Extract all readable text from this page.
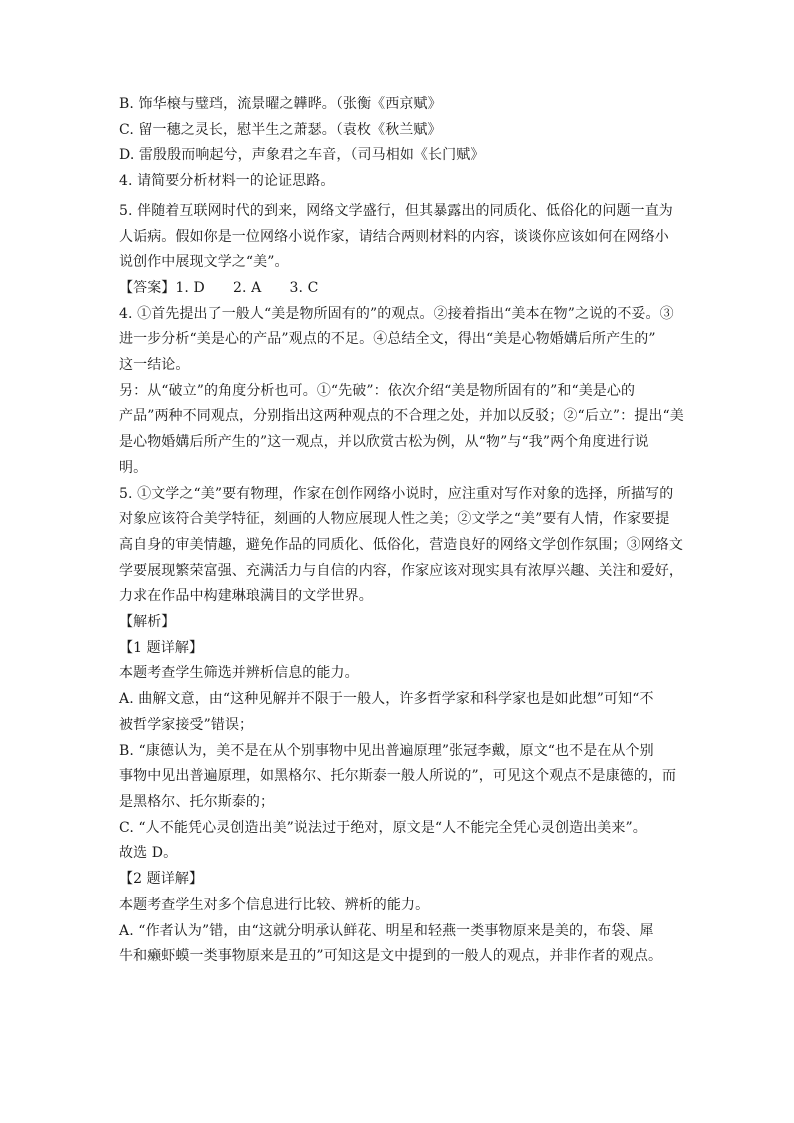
B. 饰华榱与璧珰，流景曜之韡晔。（张衡《西京赋》
C. 留一穗之灵长，慰半生之萧瑟。（袁枚《秋兰赋》
D. 雷殷殷而响起兮，声象君之车音，（司马相如《长门赋》
4. 请简要分析材料一的论证思路。
5. 伴随着互联网时代的到来，网络文学盛行，但其暴露出的同质化、低俗化的问题一直为
人诟病。假如你是一位网络小说作家，请结合两则材料的内容，谈谈你应该如何在网络小
说创作中展现文学之“美”。
【答案】1. D　　2. A　　3. C
4. ①首先提出了一般人“美是物所固有的”的观点。②接着指出“美本在物”之说的不妥。③
进一步分析“美是心的产品”观点的不足。④总结全文，得出“美是心物婚媾后所产生的”
这一结论。
另：从“破立”的角度分析也可。①“先破”：依次介绍“美是物所固有的”和“美是心的
产品”两种不同观点，分别指出这两种观点的不合理之处，并加以反驳；②“后立”：提出“美
是心物婚媾后所产生的”这一观点，并以欣赏古松为例，从“物”与“我”两个角度进行说
明。
5. ①文学之“美”要有物理，作家在创作网络小说时，应注重对写作对象的选择，所描写的
对象应该符合美学特征，刻画的人物应展现人性之美；②文学之“美”要有人情，作家要提
高自身的审美情趣，避免作品的同质化、低俗化，营造良好的网络文学创作氛围；③网络文
学要展现繁荣富强、充满活力与自信的内容，作家应该对现实具有浓厚兴趣、关注和爱好，
力求在作品中构建琳琅满目的文学世界。
【解析】
【1 题详解】
本题考查学生筛选并辨析信息的能力。
A. 曲解文意，由“这种见解并不限于一般人，许多哲学家和科学家也是如此想”可知“不
被哲学家接受”错误；
B. “康德认为，美不是在从个别事物中见出普遍原理”张冠李戴，原文“也不是在从个别
事物中见出普遍原理，如黑格尔、托尔斯泰一般人所说的”，可见这个观点不是康德的，而
是黑格尔、托尔斯泰的；
C. “人不能凭心灵创造出美”说法过于绝对，原文是“人不能完全凭心灵创造出美来”。
故选 D。
【2 题详解】
本题考查学生对多个信息进行比较、辨析的能力。
A. “作者认为”错，由“这就分明承认鲜花、明星和轻燕一类事物原来是美的，布袋、犀
牛和癞虾蟆一类事物原来是丑的”可知这是文中提到的一般人的观点，并非作者的观点。
